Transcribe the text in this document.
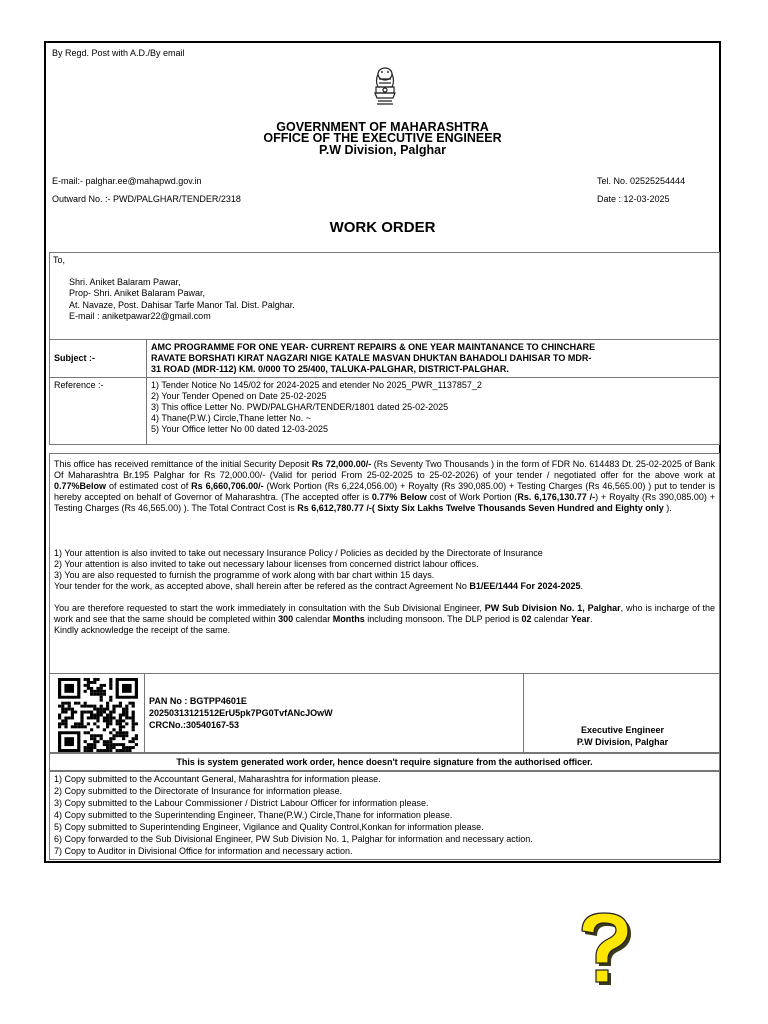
By Regd. Post with A.D./By email
GOVERNMENT OF MAHARASHTRA
OFFICE OF THE EXECUTIVE ENGINEER
P.W Division, Palghar
E-mail:- palghar.ee@mahapwd.gov.in	Tel. No. 02525254444
Outward No. :- PWD/PALGHAR/TENDER/2318	Date : 12-03-2025
WORK ORDER
To,
Shri. Aniket Balaram Pawar,
Prop- Shri. Aniket Balaram Pawar,
At. Navaze, Post. Dahisar Tarfe Manor Tal. Dist. Palghar.
E-mail : aniketpawar22@gmail.com
Subject :-	AMC PROGRAMME FOR ONE YEAR- CURRENT REPAIRS & ONE YEAR MAINTANANCE TO CHINCHARE
RAVATE BORSHATI KIRAT NAGZARI NIGE KATALE MASVAN DHUKTAN BAHADOLI DAHISAR TO MDR-
31 ROAD (MDR-112) KM. 0/000 TO 25/400, TALUKA-PALGHAR, DISTRICT-PALGHAR.

Reference :-	1) Tender Notice No 145/02 for 2024-2025 and etender No 2025_PWR_1137857_2
2) Your Tender Opened on Date 25-02-2025
3) This office Letter No. PWD/PALGHAR/TENDER/1801 dated 25-02-2025
4) Thane(P.W.) Circle,Thane letter No. ~
5) Your Office letter No 00 dated 12-03-2025

This office has received remittance of the initial Security Deposit Rs 72,000.00/- (Rs Seventy Two Thousands ) in the form of FDR No. 614483 Dt. 25-02-2025 of Bank Of Maharashtra Br.195 Palghar for Rs 72,000.00/- (Valid for period From 25-02-2025 to 25-02-2026) of your tender / negotiated offer for the above work at 0.77%Below of estimated cost of Rs 6,660,706.00/- (Work Portion (Rs 6,224,056.00) + Royalty (Rs 390,085.00) + Testing Charges (Rs 46,565.00) ) put to tender is hereby accepted on behalf of Governor of Maharashtra. (The accepted offer is 0.77% Below cost of Work Portion (Rs. 6,176,130.77 /-) + Royalty (Rs 390,085.00) + Testing Charges (Rs 46,565.00) ). The Total Contract Cost is Rs 6,612,780.77 /-( Sixty Six Lakhs Twelve Thousands Seven Hundred and Eighty only ).

1) Your attention is also invited to take out necessary Insurance Policy / Policies as decided by the Directorate of Insurance
2) Your attention is also invited to take out necessary labour licenses from concerned district labour offices.
3) You are also requested to furnish the programme of work along with bar chart within 15 days.
Your tender for the work, as accepted above, shall herein after be refered as the contract Agreement No B1/EE/1444 For 2024-2025.

You are therefore requested to start the work immediately in consultation with the Sub Divisional Engineer, PW Sub Division No. 1, Palghar, who is incharge of the work and see that the same should be completed within 300 calendar Months including monsoon. The DLP period is 02 calendar Year.
Kindly acknowledge the receipt of the same.

PAN No : BGTPP4601E
20250313121512ErU5pk7PG0TvfANcJOwW
CRCNo.:30540167-53	Executive Engineer
P.W Division, Palghar
This is system generated work order, hence doesn't require signature from the authorised officer.
1) Copy submitted to the Accountant General, Maharashtra for information please.
2) Copy submitted to the Directorate of Insurance for information please.
3) Copy submitted to the Labour Commissioner / District Labour Officer for information please.
4) Copy submitted to the Superintending Engineer, Thane(P.W.) Circle,Thane for information please.
5) Copy submitted to Superintending Engineer, Vigilance and Quality Control,Konkan for information please.
6) Copy forwarded to the Sub Divisional Engineer, PW Sub Division No. 1, Palghar for information and necessary action.
7) Copy to Auditor in Divisional Office for information and necessary action.
